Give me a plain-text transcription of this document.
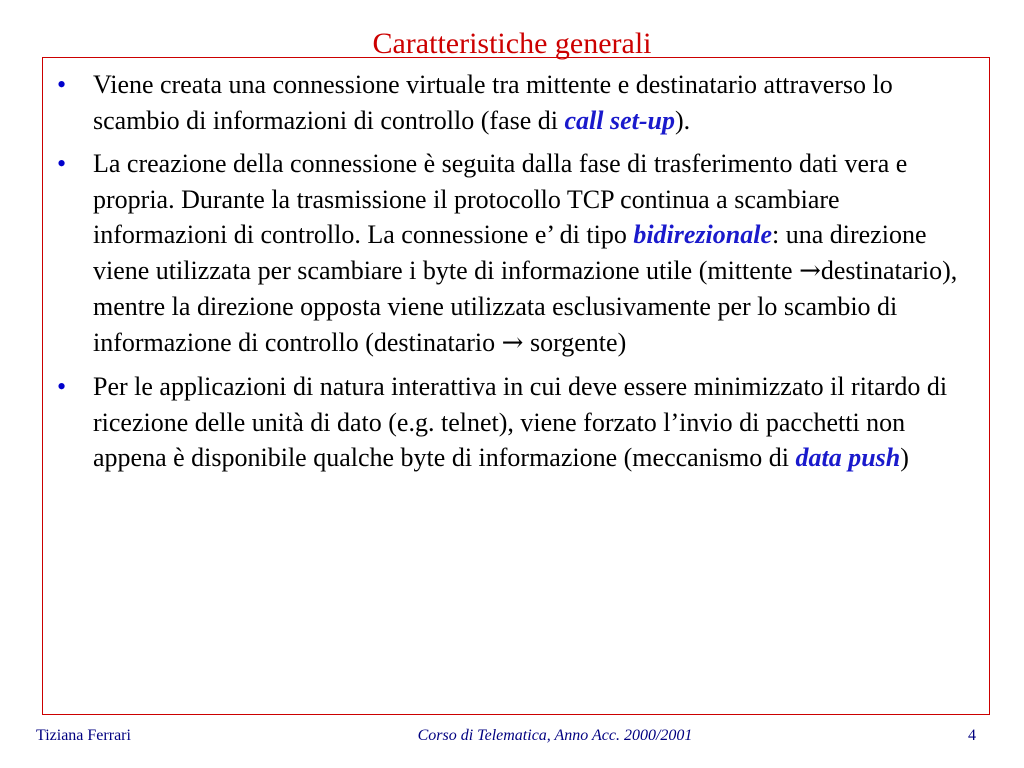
Caratteristiche generali
• Viene creata una connessione virtuale tra mittente e destinatario attraverso lo scambio di informazioni di controllo (fase di call set-up).
• La creazione della connessione è seguita dalla fase di trasferimento dati vera e propria. Durante la trasmissione il protocollo TCP continua a scambiare informazioni di controllo. La connessione e’ di tipo bidirezionale: una direzione viene utilizzata per scambiare i byte di informazione utile (mittente →destinatario), mentre la direzione opposta viene utilizzata esclusivamente per lo scambio di informazione di controllo (destinatario → sorgente)
• Per le applicazioni di natura interattiva in cui deve essere minimizzato il ritardo di ricezione delle unità di dato (e.g. telnet), viene forzato l’invio di pacchetti non appena è disponibile qualche byte di informazione (meccanismo di data push)
Tiziana Ferrari	Corso di Telematica, Anno Acc. 2000/2001	4
